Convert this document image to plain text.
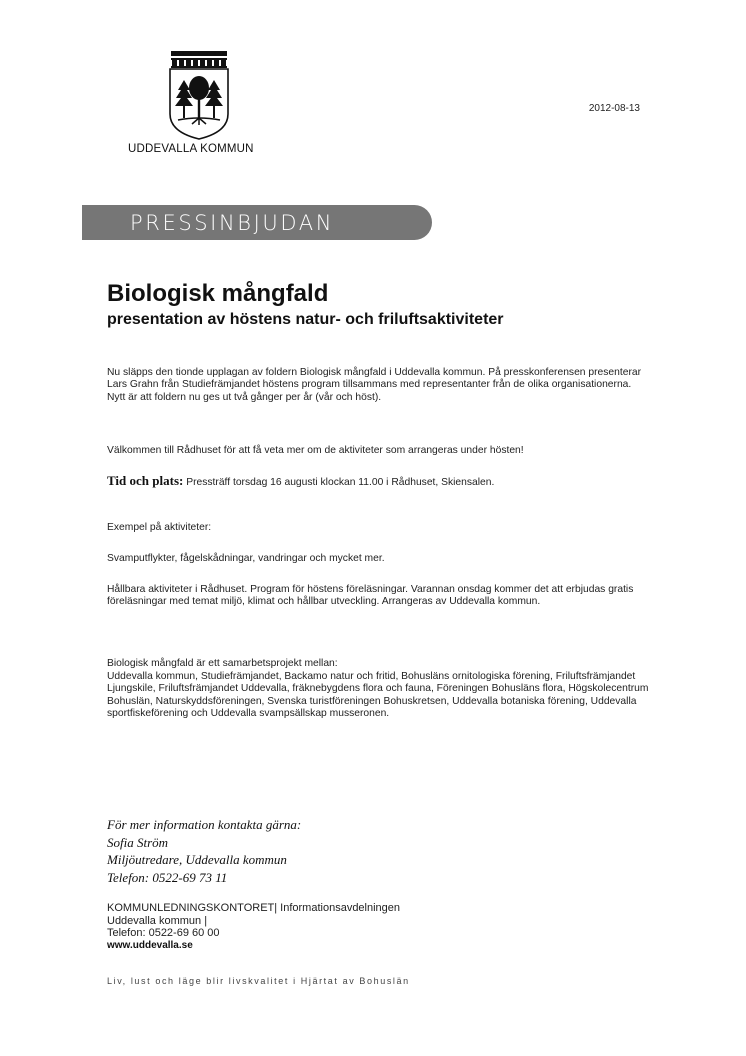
UDDEVALLA KOMMUN
2012-08-13
PRESSINBJUDAN
Biologisk mångfald
presentation av höstens natur- och friluftsaktiviteter
Nu släpps den tionde upplagan av foldern Biologisk mångfald i Uddevalla kommun. På presskonferensen presenterar Lars Grahn från Studiefrämjandet höstens program tillsammans med representanter från de olika organisationerna. Nytt är att foldern nu ges ut två gånger per år (vår och höst).
Välkommen till Rådhuset för att få veta mer om de aktiviteter som arrangeras under hösten!
Tid och plats: Pressträff torsdag 16 augusti klockan 11.00 i Rådhuset, Skiensalen.
Exempel på aktiviteter:
Svamputflykter, fågelskådningar, vandringar och mycket mer.
Hållbara aktiviteter i Rådhuset. Program för höstens föreläsningar. Varannan onsdag kommer det att erbjudas gratis föreläsningar med temat miljö, klimat och hållbar utveckling. Arrangeras av Uddevalla kommun.
Biologisk mångfald är ett samarbetsprojekt mellan:
Uddevalla kommun, Studiefrämjandet, Backamo natur och fritid, Bohusläns ornitologiska förening, Friluftsfrämjandet Ljungskile, Friluftsfrämjandet Uddevalla, fräknebygdens flora och fauna, Föreningen Bohusläns flora, Högskolecentrum Bohuslän, Naturskyddsföreningen, Svenska turistföreningen Bohuskretsen, Uddevalla botaniska förening, Uddevalla sportfiskeförening och Uddevalla svampsällskap musseronen.
För mer information kontakta gärna:
Sofia Ström
Miljöutredare, Uddevalla kommun
Telefon: 0522-69 73 11
KOMMUNLEDNINGSKONTORET| Informationsavdelningen
Uddevalla kommun |
Telefon: 0522-69 60 00
www.uddevalla.se
Liv, lust och läge blir livskvalitet i Hjärtat av Bohuslän
